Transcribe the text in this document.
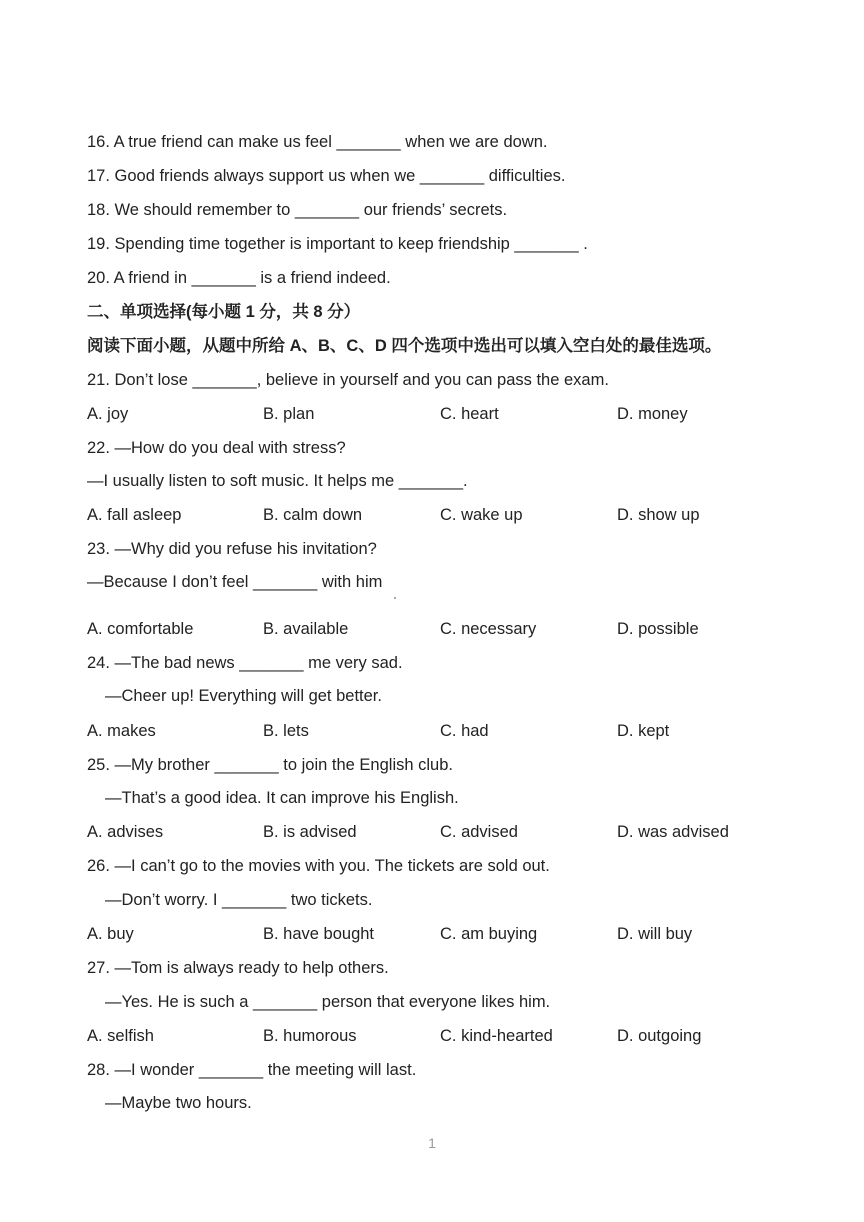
16. A true friend can make us feel _______ when we are down.
17. Good friends always support us when we _______ difficulties.
18. We should remember to _______ our friends’ secrets.
19. Spending time together is important to keep friendship _______ .
20. A friend in _______ is a friend indeed.
二、单项选择(每小题 1 分，共 8 分）
阅读下面小题，从题中所给 A、B、C、D 四个选项中选出可以填入空白处的最佳选项。
21. Don’t lose _______, believe in yourself and you can pass the exam.
A. joy	B. plan	C. heart	D. money
22. —How do you deal with stress?
—I usually listen to soft music. It helps me _______.
A. fall asleep	B. calm down	C. wake up	D. show up
23. —Why did you refuse his invitation?
—Because I don’t feel _______ with him
A. comfortable	B. available	C. necessary	D. possible
24. —The bad news _______ me very sad.
—Cheer up! Everything will get better.
A. makes	B. lets	C. had	D. kept
25. —My brother _______ to join the English club.
—That’s a good idea. It can improve his English.
A. advises	B. is advised	C. advised	D. was advised
26. —I can’t go to the movies with you. The tickets are sold out.
—Don’t worry. I _______ two tickets.
A. buy	B. have bought	C. am buying	D. will buy
27. —Tom is always ready to help others.
—Yes. He is such a _______ person that everyone likes him.
A. selfish	B. humorous	C. kind-hearted	D. outgoing
28. —I wonder _______ the meeting will last.
—Maybe two hours.
1
